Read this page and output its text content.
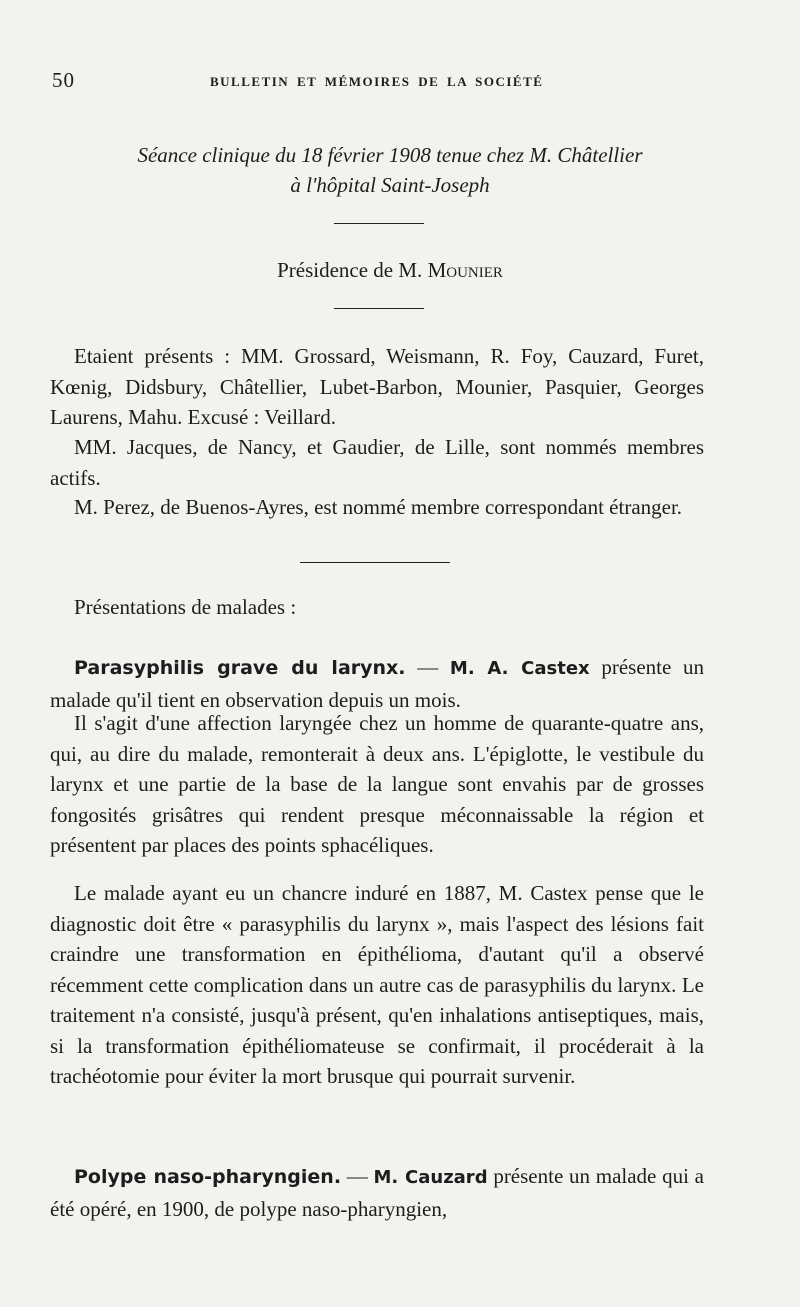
50	BULLETIN ET MÉMOIRES DE LA SOCIÉTÉ
Séance clinique du 18 février 1908 tenue chez M. Châtellier
à l'hôpital Saint-Joseph
Présidence de M. Mounier
Etaient présents : MM. Grossard, Weismann, R. Foy, Cauzard, Furet, Kœnig, Didsbury, Châtellier, Lubet-Barbon, Mounier, Pasquier, Georges Laurens, Mahu. Excusé : Veillard.
MM. Jacques, de Nancy, et Gaudier, de Lille, sont nommés membres actifs.
M. Perez, de Buenos-Ayres, est nommé membre correspondant étranger.
Présentations de malades :
Parasyphilis grave du larynx. — M. A. Castex présente un malade qu'il tient en observation depuis un mois.
Il s'agit d'une affection laryngée chez un homme de quarante-quatre ans, qui, au dire du malade, remonterait à deux ans. L'épiglotte, le vestibule du larynx et une partie de la base de la langue sont envahis par de grosses fongosités grisâtres qui rendent presque méconnaissable la région et présentent par places des points sphacéliques.
Le malade ayant eu un chancre induré en 1887, M. Castex pense que le diagnostic doit être « parasyphilis du larynx », mais l'aspect des lésions fait craindre une transformation en épithélioma, d'autant qu'il a observé récemment cette complication dans un autre cas de parasyphilis du larynx. Le traitement n'a consisté, jusqu'à présent, qu'en inhalations antiseptiques, mais, si la transformation épithéliomateuse se confirmait, il procéderait à la trachéotomie pour éviter la mort brusque qui pourrait survenir.
Polype naso-pharyngien. — M. Cauzard présente un malade qui a été opéré, en 1900, de polype naso-pharyngien,
